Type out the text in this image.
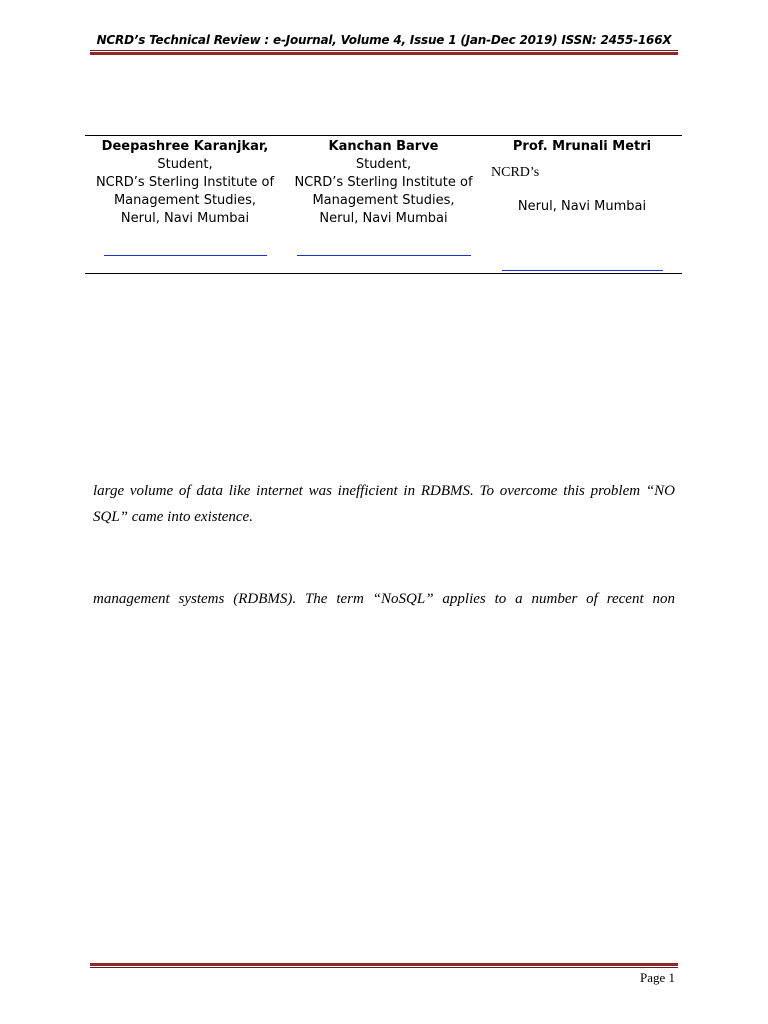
NCRD’s Technical Review : e-Journal, Volume 4, Issue 1 (Jan-Dec 2019) ISSN: 2455-166X
Deepashree Karanjkar,
Student,
NCRD’s Sterling Institute of
Management Studies,
Nerul, Navi Mumbai
Kanchan Barve
Student,
NCRD’s Sterling Institute of
Management Studies,
Nerul, Navi Mumbai
Prof. Mrunali Metri
NCRD’s
Nerul, Navi Mumbai

large volume of data like internet was inefficient in RDBMS. To overcome this problem “NO SQL” came into existence.

management systems (RDBMS). The term “NoSQL” applies to a number of recent non

Page 1
